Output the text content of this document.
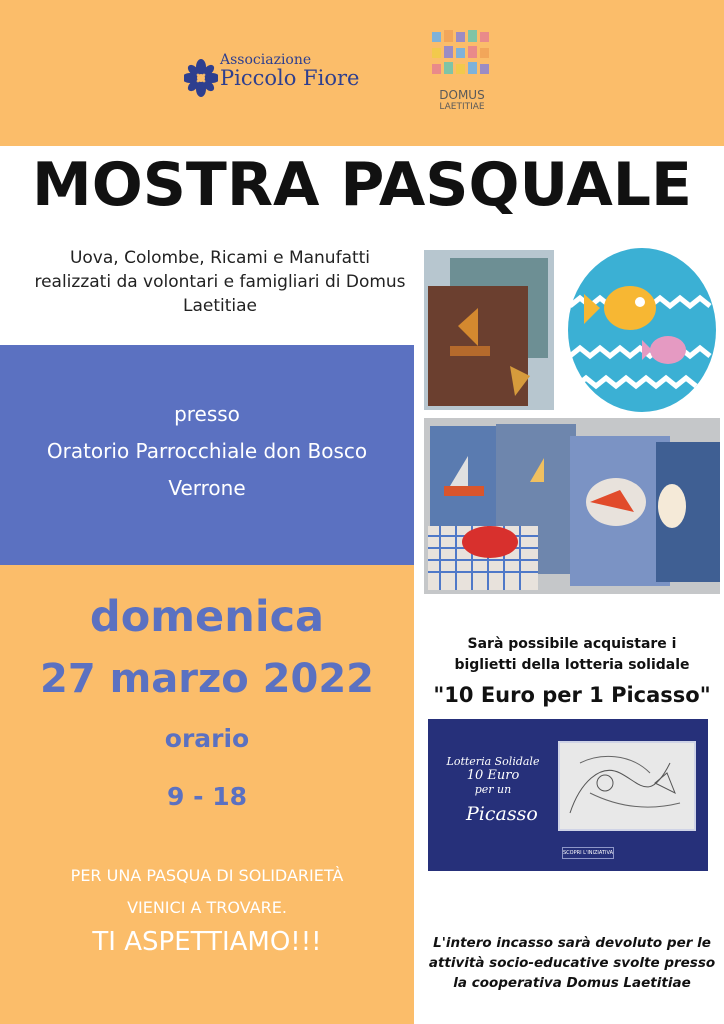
Associazione
Piccolo Fiore
DOMUS
LAETITIAE
MOSTRA PASQUALE
Uova, Colombe, Ricami e Manufatti realizzati da volontari e famigliari di Domus Laetitiae
presso
Oratorio Parrocchiale don Bosco
Verrone
domenica
27 marzo 2022
orario
9 - 18
PER UNA PASQUA DI SOLIDARIETÀ
VIENICI A TROVARE.
TI ASPETTIAMO!!!
Sarà possibile acquistare i
biglietti della lotteria solidale
"10 Euro per 1 Picasso"
Lotteria Solidale
10 Euro
per un
Picasso
SCOPRI L'INIZIATIVA
L'intero incasso sarà devoluto per le
attività socio-educative svolte presso
la cooperativa Domus Laetitiae
